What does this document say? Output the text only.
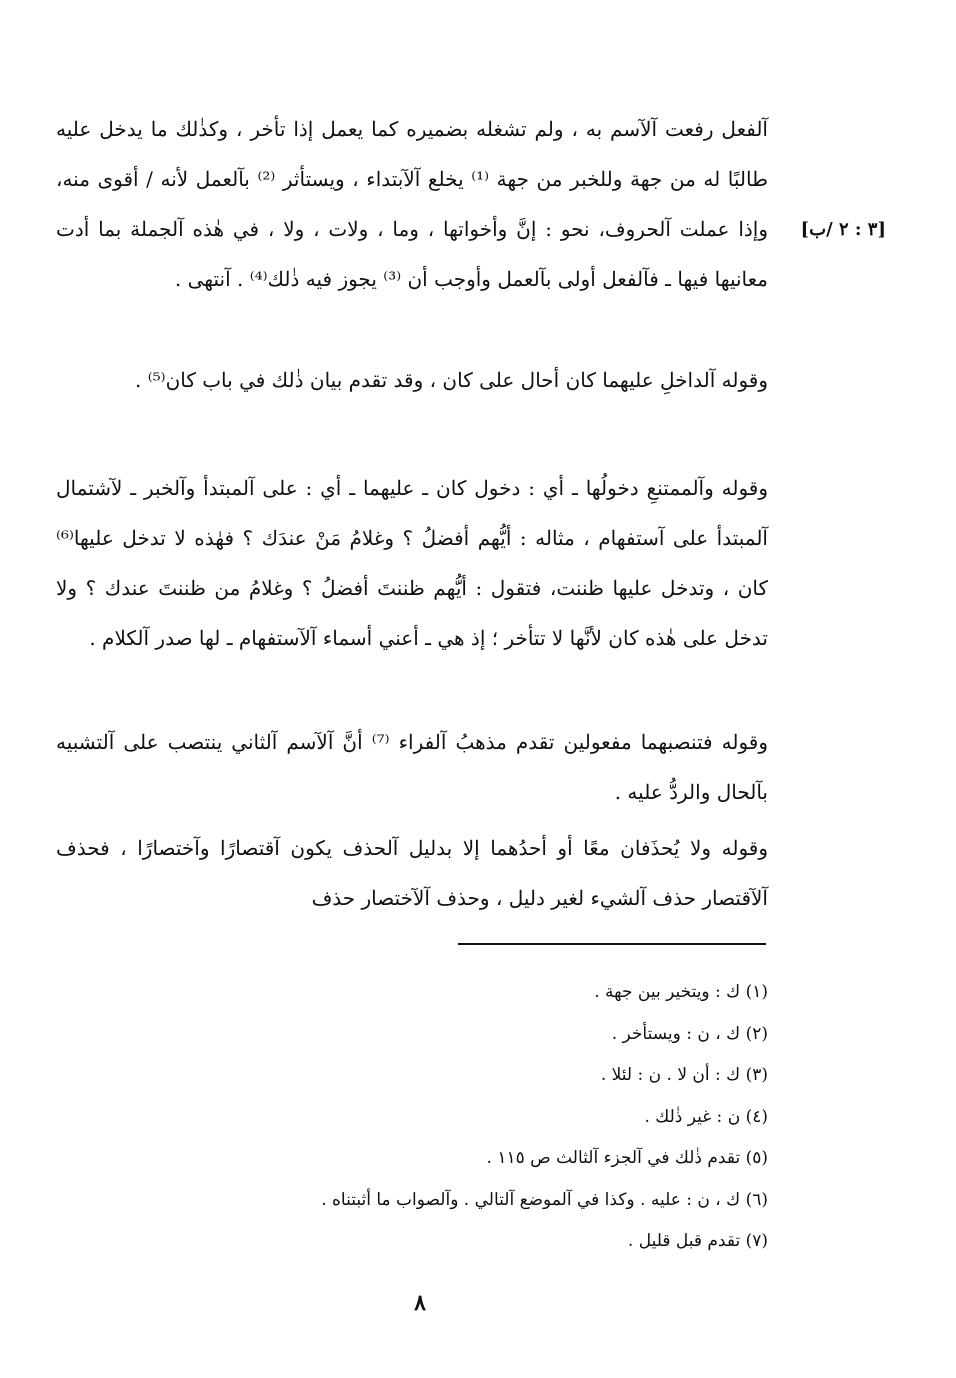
[٣ : ٢ /ب]

آلفعل رفعت آلآسم به ، ولم تشغله بضميره كما يعمل إذا تأخر ، وكذٰلك ما يدخل عليه طالبًا له من جهة وللخبر من جهة ⁽¹⁾ يخلع آلآبتداء ، ويستأثر ⁽²⁾ بآلعمل لأنه / أقوى منه، وإذا عملت آلحروف، نحو : إنَّ وأخواتها ، وما ، ولات ، ولا ، في هٰذه آلجملة بما أدت معانيها فيها ـ فآلفعل أولى بآلعمل وأوجب أن ⁽³⁾ يجوز فيه ذٰلك⁽⁴⁾ . آنتهى .

وقوله آلداخلِ عليهما كان أحال على كان ، وقد تقدم بيان ذٰلك في باب كان⁽⁵⁾ .

وقوله وآلممتنعِ دخولُها ـ أي : دخول كان ـ عليهما ـ أي : على آلمبتدأ وآلخبر ـ لآشتمال آلمبتدأ على آستفهام ، مثاله : أيُّهم أفضلُ ؟ وغلامُ مَنْ عندَك ؟ فهٰذه لا تدخل عليها⁽⁶⁾ كان ، وتدخل عليها ظننت، فتقول : أيُّهم ظننتَ أفضلُ ؟ وغلامُ من ظننتَ عندك ؟ ولا تدخل على هٰذه كان لأنَّها لا تتأخر ؛ إذ هي ـ أعني أسماء آلآستفهام ـ لها صدر آلكلام .

وقوله فتنصبهما مفعولين تقدم مذهبُ آلفراء ⁽⁷⁾ أنَّ آلآسم آلثاني ينتصب على آلتشبيه بآلحال والردُّ عليه .

وقوله ولا يُحذَفان معًا أو أحدُهما إلا بدليل آلحذف يكون آقتصارًا وآختصارًا ، فحذف آلآقتصار حذف آلشيء لغير دليل ، وحذف آلآختصار حذف

(١) ك : ويتخير بين جهة .
(٢) ك ، ن : ويستأخر .
(٣) ك : أن لا . ن : لئلا .
(٤) ن : غير ذٰلك .
(٥) تقدم ذٰلك في آلجزء آلثالث ص ١١٥ .
(٦) ك ، ن : عليه . وكذا في آلموضع آلتالي . وآلصواب ما أثبتناه .
(٧) تقدم قبل قليل .
٨
